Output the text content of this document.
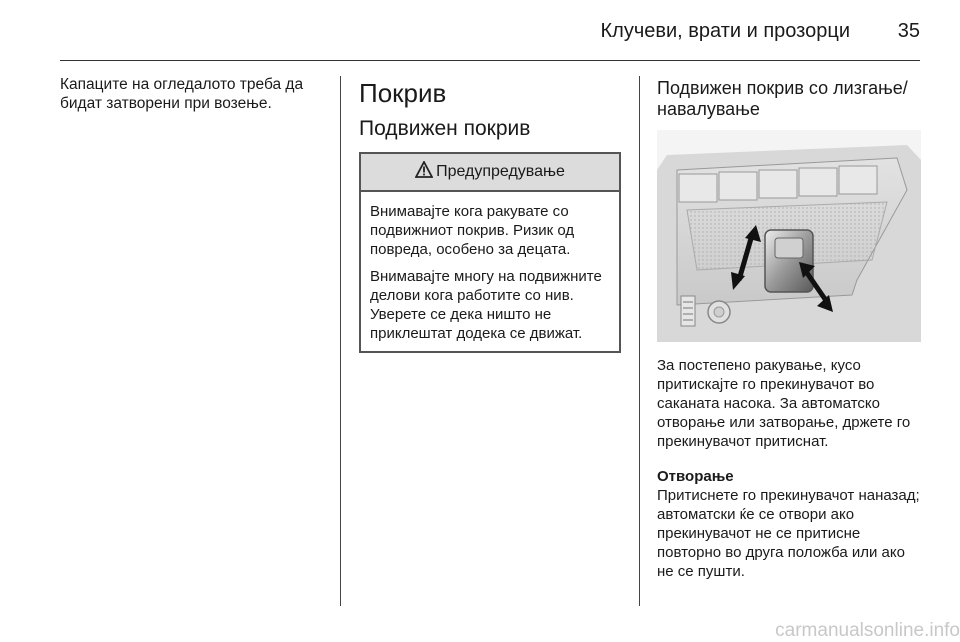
Клучеви, врати и прозорци	35
Капаците на огледалото треба да бидат затворени при возење.	Покрив
Подвижен покрив
Предупредување

Внимавајте кога ракувате со подвижниот покрив. Ризик од повреда, особено за децата.

Внимавајте многу на подвижните делови кога работите со нив. Уверете се дека ништо не приклештат додека се движат.

Подвижен покрив со лизгање/навалување

За постепено ракување, кусо притискајте го прекинувачот во саканата насока. За автоматско отворање или затворање, држете го прекинувачот притиснат.

Отворање

Притиснете го прекинувачот наназад; автоматски ќе се отвори ако прекинувачот не се притисне повторно во друга положба или ако не се пушти.

carmanualsonline.info
